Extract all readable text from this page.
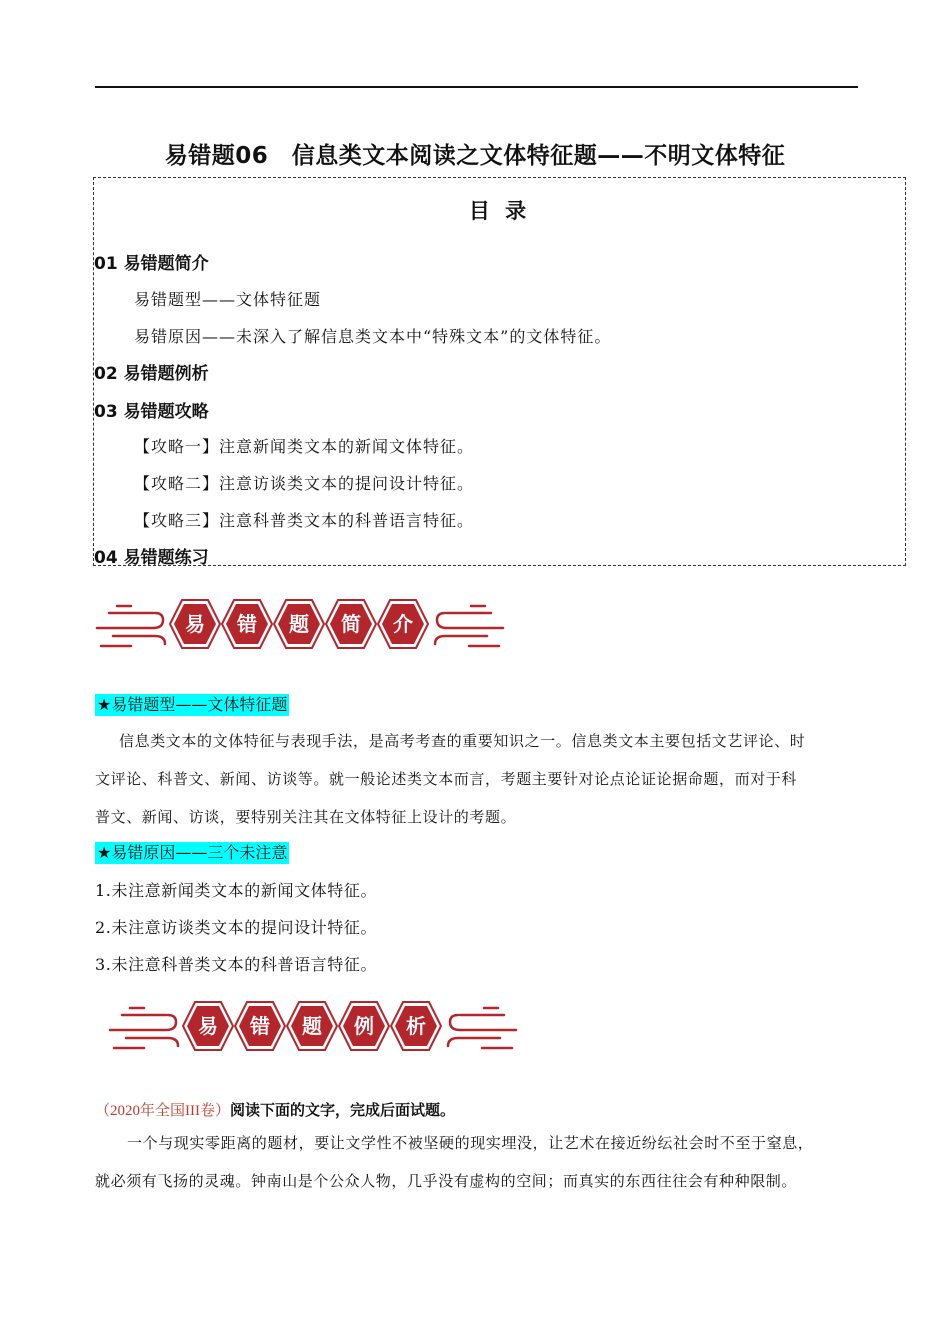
易错题06　信息类文本阅读之文体特征题——不明文体特征
目 录
01 易错题简介
易错题型——文体特征题
易错原因——未深入了解信息类文本中“特殊文本”的文体特征。
02 易错题例析
03 易错题攻略
【攻略一】注意新闻类文本的新闻文体特征。
【攻略二】注意访谈类文本的提问设计特征。
【攻略三】注意科普类文本的科普语言特征。
04 易错题练习
易 错 题 简 介
★易错题型——文体特征题
信息类文本的文体特征与表现手法，是高考考查的重要知识之一。信息类文本主要包括文艺评论、时
文评论、科普文、新闻、访谈等。就一般论述类文本而言，考题主要针对论点论证论据命题，而对于科
普文、新闻、访谈，要特别关注其在文体特征上设计的考题。
★易错原因——三个未注意
1.未注意新闻类文本的新闻文体特征。
2.未注意访谈类文本的提问设计特征。
3.未注意科普类文本的科普语言特征。
易 错 题 例 析
（2020年全国III卷）阅读下面的文字，完成后面试题。
一个与现实零距离的题材，要让文学性不被坚硬的现实埋没，让艺术在接近纷纭社会时不至于窒息，
就必须有飞扬的灵魂。钟南山是个公众人物，几乎没有虚构的空间；而真实的东西往往会有种种限制。
